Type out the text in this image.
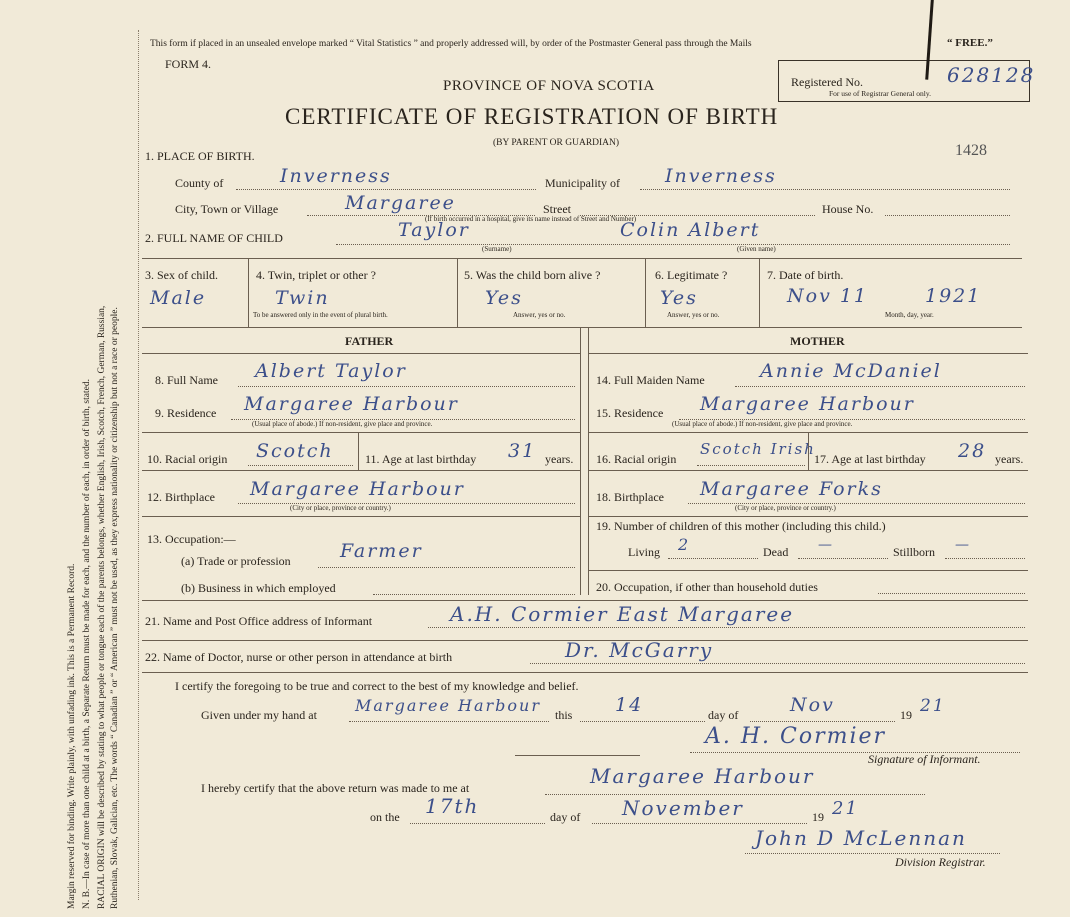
Margin reserved for binding. Write plainly, with unfading ink. This is a Permanent Record. N. B.—In case of more than one child at a birth, a Separate Return must be made for each, and the number of each, in order of birth, stated. RACIAL ORIGIN will be described by stating to what people or tongue each of the parents belongs, whether English, Irish, Scotch, French, German, Russian, Ruthenian, Slovak, Galician, etc. The words “ Canadian ” or “ American ” must not be used, as they express nationality or citizenship but not a race or people.
This form if placed in an unsealed envelope marked “ Vital Statistics ” and properly addressed will, by order of the Postmaster General pass through the Mails	“ FREE.”
FORM 4.
PROVINCE OF NOVA SCOTIA
CERTIFICATE OF REGISTRATION OF BIRTH
(BY PARENT OR GUARDIAN)
Registered No.	628128
For use of Registrar General only.
1428
1. PLACE OF BIRTH.
County of	Inverness	Municipality of Inverness
City, Town or Village	Margaree	Street	House No.
(If birth occurred in a hospital, give its name instead of Street and Number)
2. FULL NAME OF CHILD	Taylor	Colin Albert
(Surname)	(Given name)
3. Sex of child.
Male
4. Twin, triplet or other ?
Twin
To be answered only in the event of plural birth.
5. Was the child born alive ?
Yes
Answer, yes or no.
6. Legitimate ?
Yes
Answer, yes or no.
7. Date of birth.
Nov 11	1921
Month, day, year.
FATHER	MOTHER
8. Full Name Albert Taylor
9. Residence Margaree Harbour
(Usual place of abode.) If non-resident, give place and province.
10. Racial origin Scotch	11. Age at last birthday 31 years.
12. Birthplace Margaree Harbour
(City or place, province or country.)
13. Occupation:—
(a) Trade or profession	Farmer
(b) Business in which employed
14. Full Maiden Name	Annie McDaniel
15. Residence Margaree Harbour
(Usual place of abode.) If non-resident, give place and province.
16. Racial origin
Scotch Irish
17. Age at last birthday 28 years.
18. Birthplace Margaree Forks
(City or place, province or country.)
19. Number of children of this mother (including this child.)
Living 2	Dead —	Stillborn —
20. Occupation, if other than household duties
21. Name and Post Office address of Informant	A.H. Cormier East Margaree
22. Name of Doctor, nurse or other person in attendance at birth	Dr. McGarry
I certify the foregoing to be true and correct to the best of my knowledge and belief.
Given under my hand at Margaree Harbour this 14	day of	Nov	19 21
A. H. Cormier
Signature of Informant.
I hereby certify that the above return was made to me at	Margaree Harbour
on the 17th	day of November	19 21
John D McLennan
Division Registrar.
